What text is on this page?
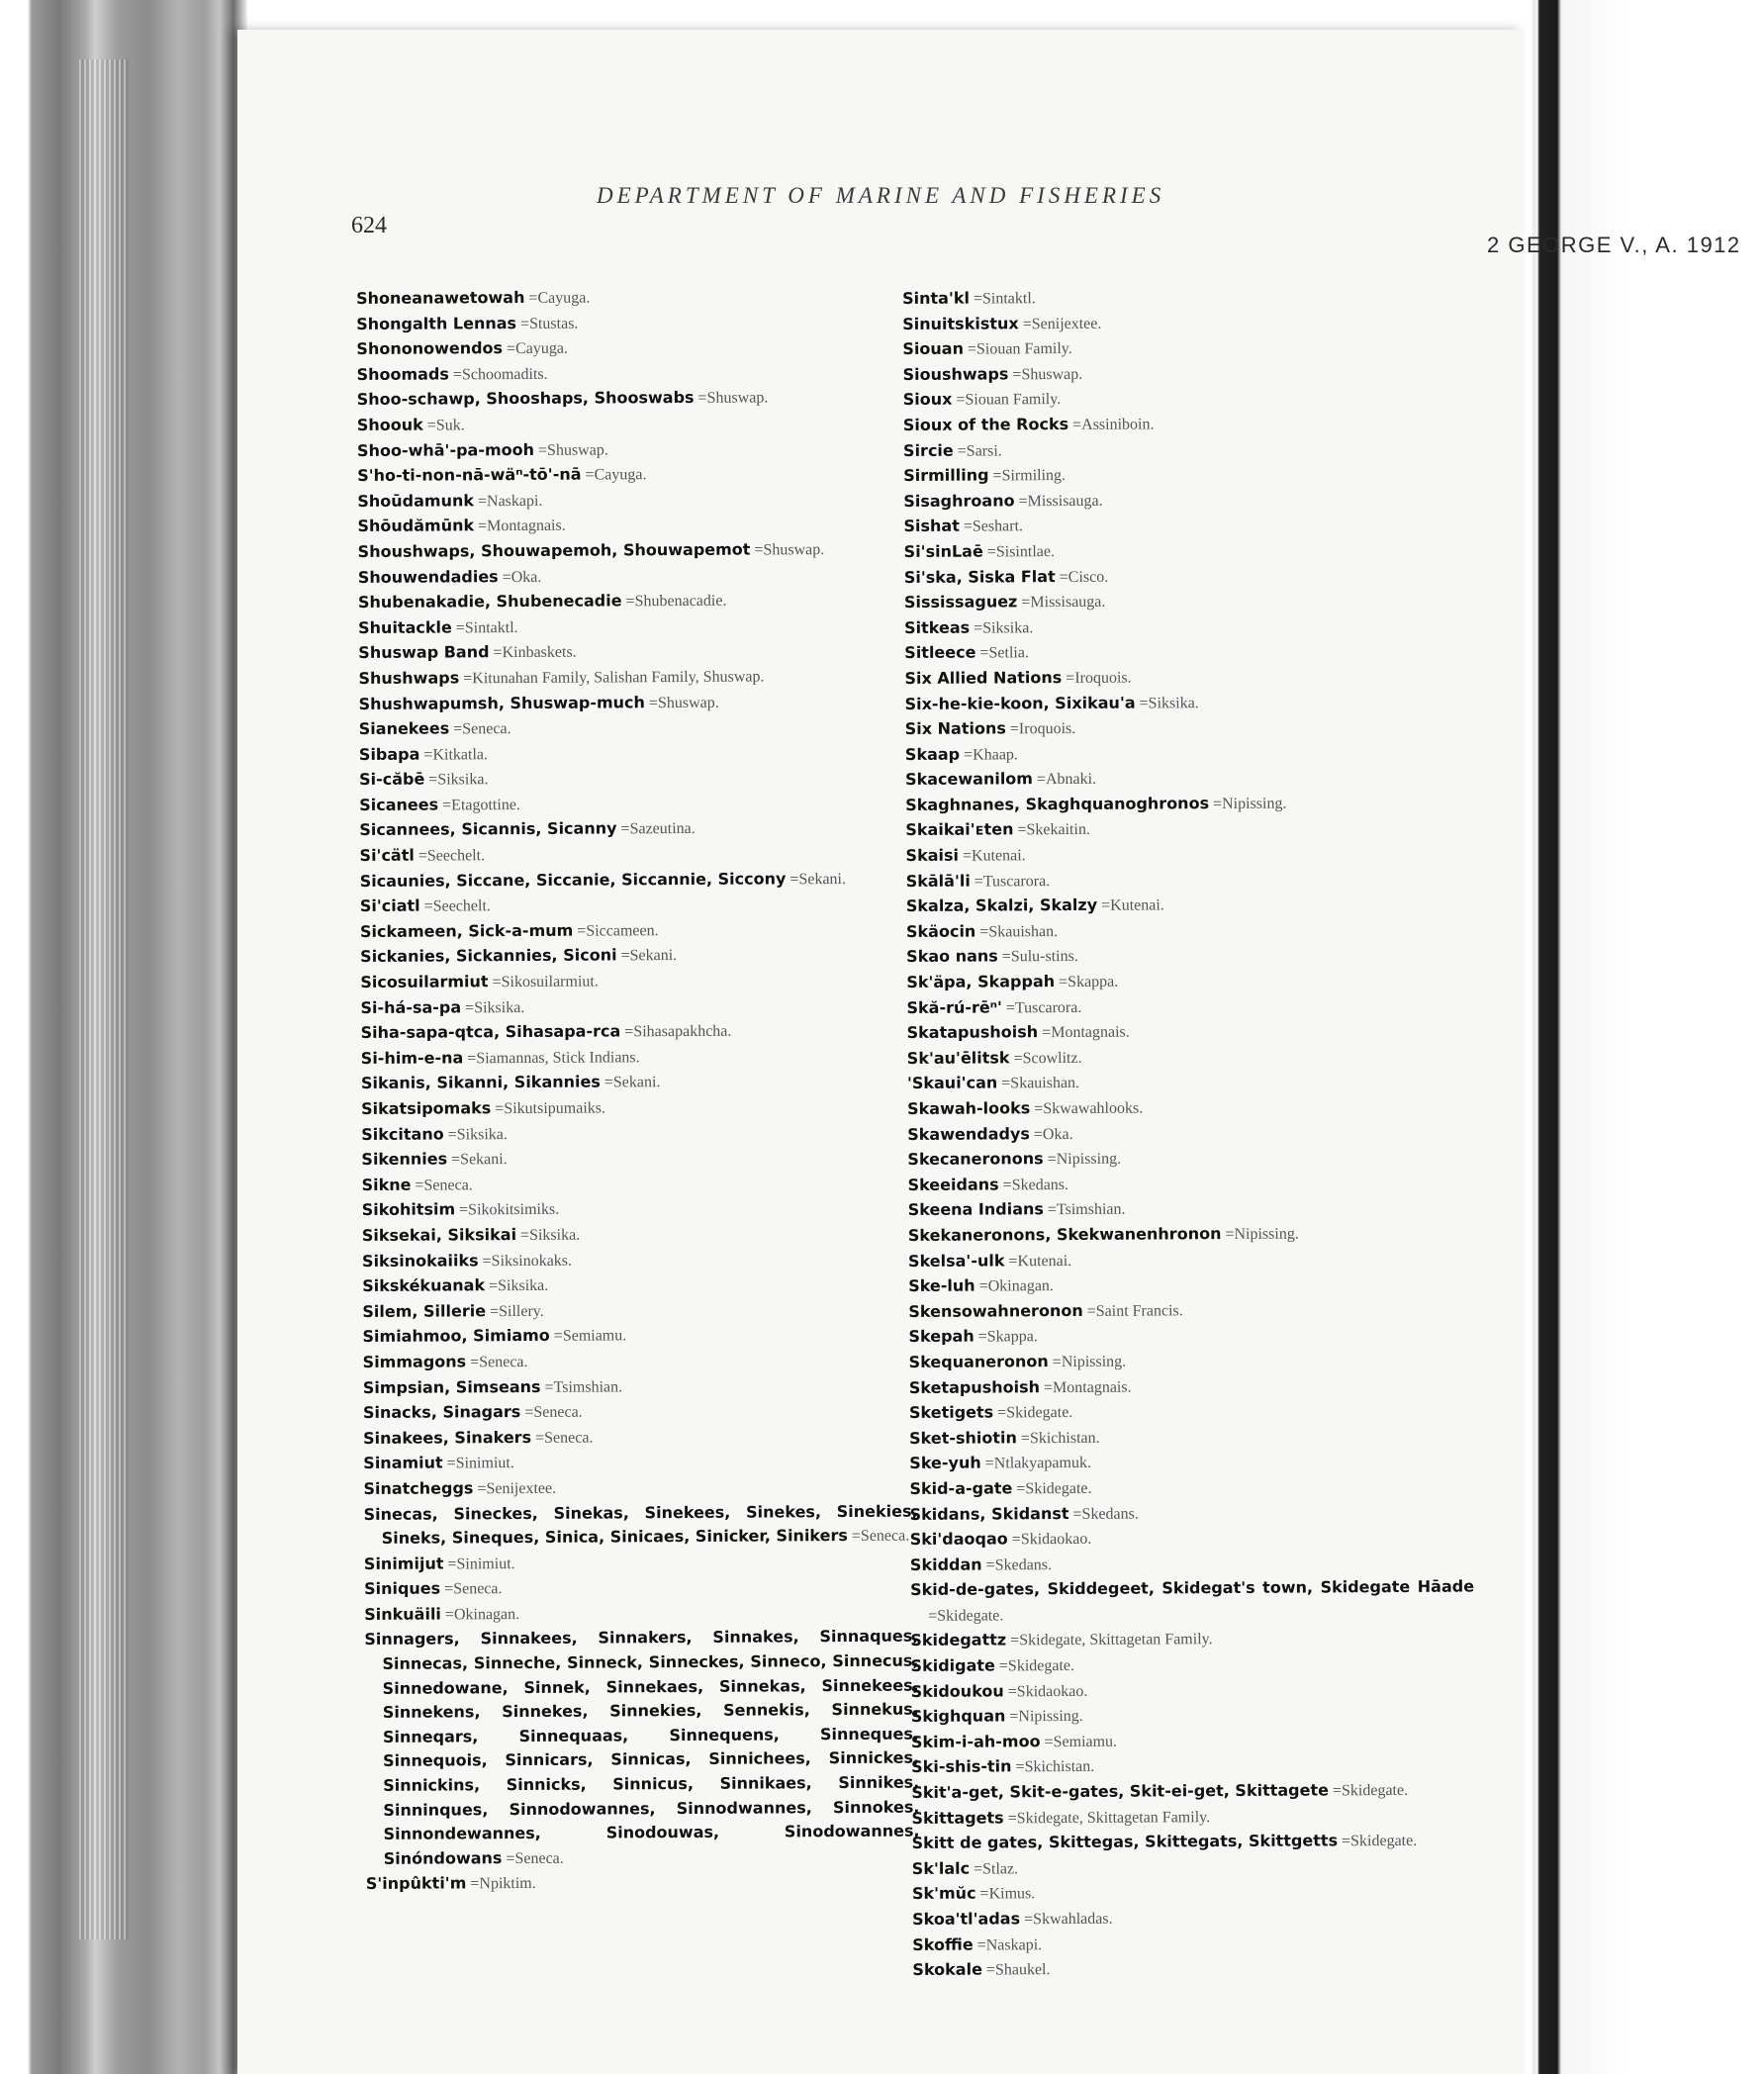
624
DEPARTMENT OF MARINE AND FISHERIES
2 GEORGE V., A. 1912

Shoneanawetowah =Cayuga.

Shongalth Lennas =Stustas.

Shononowendos =Cayuga.

Shoomads =Schoomadits.

Shoo-schawp, Shooshaps, Shooswabs =Shuswap.

Shoouk =Suk.

Shoo-whā'-pa-mooh =Shuswap.

S'ho-ti-non-nā-wäⁿ-tō'-nā =Cayuga.

Shoūdamunk =Naskapi.

Shōudămūnk =Montagnais.

Shoushwaps, Shouwapemoh, Shouwapemot =Shuswap.

Shouwendadies =Oka.

Shubenakadie, Shubenecadie =Shubenacadie.

Shuitackle =Sintaktl.

Shuswap Band =Kinbaskets.

Shushwaps =Kitunahan Family, Salishan Family, Shuswap.

Shushwapumsh, Shuswap-much =Shuswap.

Sianekees =Seneca.

Sibapa =Kitkatla.

Si-căbē =Siksika.

Sicanees =Etagottine.

Sicannees, Sicannis, Sicanny =Sazeutina.

Si'cätl =Seechelt.

Sicaunies, Siccane, Siccanie, Siccannie, Siccony =Sekani.

Si'ciatl =Seechelt.

Sickameen, Sick-a-mum =Siccameen.

Sickanies, Sickannies, Siconi =Sekani.

Sicosuilarmiut =Sikosuilarmiut.

Si-há-sa-pa =Siksika.

Siha-sapa-qtca, Sihasapa-rca =Sihasapakhcha.

Si-him-e-na =Siamannas, Stick Indians.

Sikanis, Sikanni, Sikannies =Sekani.

Sikatsipomaks =Sikutsipumaiks.

Sikcitano =Siksika.

Sikennies =Sekani.

Sikne =Seneca.

Sikohitsim =Sikokitsimiks.

Siksekai, Siksikai =Siksika.

Siksinokaiiks =Siksinokaks.

Sikskékuanak =Siksika.

Silem, Sillerie =Sillery.

Simiahmoo, Simiamo =Semiamu.

Simmagons =Seneca.

Simpsian, Simseans =Tsimshian.

Sinacks, Sinagars =Seneca.

Sinakees, Sinakers =Seneca.

Sinamiut =Sinimiut.

Sinatcheggs =Senijextee.

Sinecas, Sineckes, Sinekas, Sinekees, Sinekes, Sinekies, Sineks, Sineques, Sinica, Sinicaes, Sinicker, Sinikers =Seneca.

Sinimijut =Sinimiut.

Siniques =Seneca.

Sinkuäili =Okinagan.

Sinnagers, Sinnakees, Sinnakers, Sinnakes, Sinnaques, Sinnecas, Sinneche, Sinneck, Sinneckes, Sinneco, Sinnecus, Sinnedowane, Sinnek, Sinnekaes, Sinnekas, Sinnekees, Sinnekens, Sinnekes, Sinnekies, Sennekis, Sinnekus, Sinneqars, Sinnequaas, Sinnequens, Sinneques, Sinnequois, Sinnicars, Sinnicas, Sinnichees, Sinnickes, Sinnickins, Sinnicks, Sinnicus, Sinnikaes, Sinnikes, Sinninques, Sinnodowannes, Sinnodwannes, Sinnokes, Sinnondewannes, Sinodouwas, Sinodowannes, Sinóndowans =Seneca.

S'inpûkti'm =Npiktim.

Sinta'kl =Sintaktl.

Sinuitskistux =Senijextee.

Siouan =Siouan Family.

Sioushwaps =Shuswap.

Sioux =Siouan Family.

Sioux of the Rocks =Assiniboin.

Sircie =Sarsi.

Sirmilling =Sirmiling.

Sisaghroano =Missisauga.

Sishat =Seshart.

Si'sinLaē =Sisintlae.

Si'ska, Siska Flat =Cisco.

Sississaguez =Missisauga.

Sitkeas =Siksika.

Sitleece =Setlia.

Six Allied Nations =Iroquois.

Six-he-kie-koon, Sixikau'a =Siksika.

Six Nations =Iroquois.

Skaap =Khaap.

Skacewanilom =Abnaki.

Skaghnanes, Skaghquanoghronos =Nipissing.

Skaikai'ᴇten =Skekaitin.

Skaisi =Kutenai.

Skālā'li =Tuscarora.

Skalza, Skalzi, Skalzy =Kutenai.

Skäocin =Skauishan.

Skao nans =Sulu-stins.

Sk'äpa, Skappah =Skappa.

Skă-rú-rēⁿ' =Tuscarora.

Skatapushoish =Montagnais.

Sk'au'ēlitsk =Scowlitz.

'Skaui'can =Skauishan.

Skawah-looks =Skwawahlooks.

Skawendadys =Oka.

Skecaneronons =Nipissing.

Skeeidans =Skedans.

Skeena Indians =Tsimshian.

Skekaneronons, Skekwanenhronon =Nipissing.

Skelsa'-ulk =Kutenai.

Ske-luh =Okinagan.

Skensowahneronon =Saint Francis.

Skepah =Skappa.

Skequaneronon =Nipissing.

Sketapushoish =Montagnais.

Sketigets =Skidegate.

Sket-shiotin =Skichistan.

Ske-yuh =Ntlakyapamuk.

Skid-a-gate =Skidegate.

Skidans, Skidanst =Skedans.

Ski'daoqao =Skidaokao.

Skiddan =Skedans.

Skid-de-gates, Skiddegeet, Skidegat's town, Skidegate Hāade =Skidegate.

Skidegattz =Skidegate, Skittagetan Family.

Skidigate =Skidegate.

Skidoukou =Skidaokao.

Skighquan =Nipissing.

Skim-i-ah-moo =Semiamu.

Ski-shis-tin =Skichistan.

Skit'a-get, Skit-e-gates, Skit-ei-get, Skittagete =Skidegate.

Skittagets =Skidegate, Skittagetan Family.

Skitt de gates, Skittegas, Skittegats, Skittgetts =Skidegate.

Sk'lalc =Stlaz.

Sk'mŭc =Kimus.

Skoa'tl'adas =Skwahladas.

Skoffie =Naskapi.

Skokale =Shaukel.
